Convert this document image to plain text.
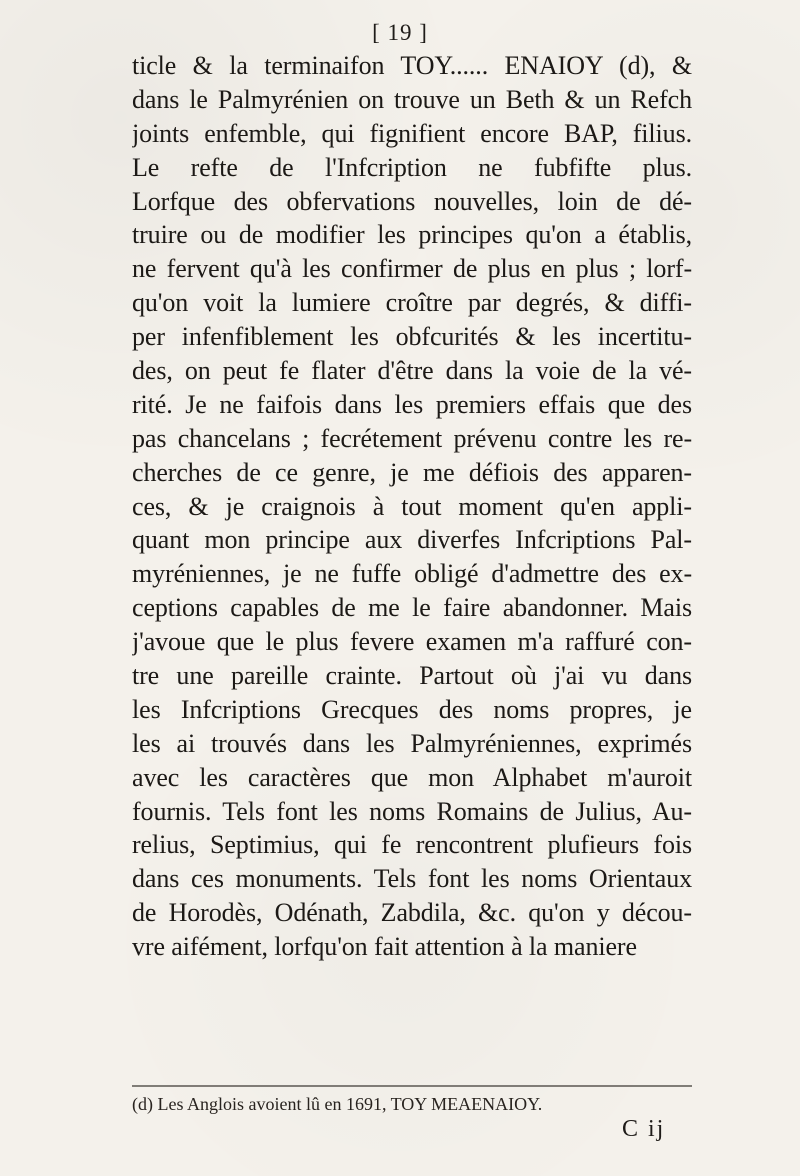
[ 19 ]
ticle & la terminaifon TOY...... ENAIOY (d), &
dans le Palmyrénien on trouve un Beth & un Refch
joints enfemble, qui fignifient encore BAP, filius.
Le refte de l'Infcription ne fubfifte plus.
Lorfque des obfervations nouvelles, loin de dé-
truire ou de modifier les principes qu'on a établis,
ne fervent qu'à les confirmer de plus en plus ; lorf-
qu'on voit la lumiere croître par degrés, & diffi-
per infenfiblement les obfcurités & les incertitu-
des, on peut fe flater d'être dans la voie de la vé-
rité. Je ne faifois dans les premiers effais que des
pas chancelans ; fecrétement prévenu contre les re-
cherches de ce genre, je me défiois des apparen-
ces, & je craignois à tout moment qu'en appli-
quant mon principe aux diverfes Infcriptions Pal-
myréniennes, je ne fuffe obligé d'admettre des ex-
ceptions capables de me le faire abandonner. Mais
j'avoue que le plus fevere examen m'a raffuré con-
tre une pareille crainte. Partout où j'ai vu dans
les Infcriptions Grecques des noms propres, je
les ai trouvés dans les Palmyréniennes, exprimés
avec les caractères que mon Alphabet m'auroit
fournis. Tels font les noms Romains de Julius, Au-
relius, Septimius, qui fe rencontrent plufieurs fois
dans ces monuments. Tels font les noms Orientaux
de Horodès, Odénath, Zabdila, &c. qu'on y décou-
vre aifément, lorfqu'on fait attention à la maniere
(d) Les Anglois avoient lû en 1691, TOY MEAENAIOY.
C ij
